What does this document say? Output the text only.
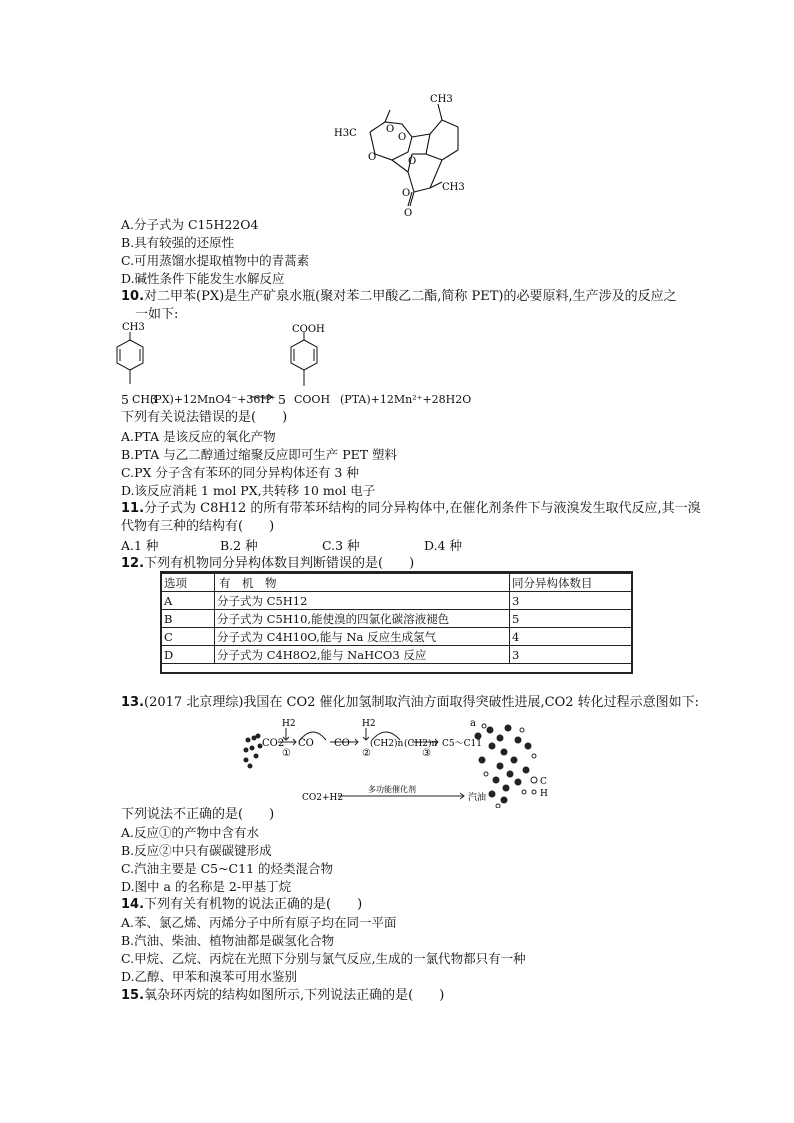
CH3
H3C	O
O
O	O
CH3
O
O
A.分子式为 C15H22O4
B.具有较强的还原性
C.可用蒸馏水提取植物中的青蒿素
D.碱性条件下能发生水解反应
10.对二甲苯(PX)是生产矿泉水瓶(聚对苯二甲酸乙二酯,简称 PET)的必要原料,生产涉及的反应之
一如下:
CH3	COOH
5 CH3
(PX)+12MnO4⁻+36H⁺ 5 COOH (PTA)+12Mn²⁺+28H2O
下列有关说法错误的是(　　)
A.PTA 是该反应的氧化产物
B.PTA 与乙二醇通过缩聚反应即可生产 PET 塑料
C.PX 分子含有苯环的同分异构体还有 3 种
D.该反应消耗 1 mol PX,共转移 10 mol 电子
11.分子式为 C8H12 的所有带苯环结构的同分异构体中,在催化剂条件下与液溴发生取代反应,其一溴
代物有三种的结构有(　　)
A.1 种	B.2 种	C.3 种	D.4 种
12.下列有机物同分异构体数目判断错误的是(　　)
选项	有　机　物	同分异构体数目
A	分子式为 C5H12	3
B	分子式为 C5H10,能使溴的四氯化碳溶液褪色	5
C	分子式为 C4H10O,能与 Na 反应生成氢气	4
D	分子式为 C4H8O2,能与 NaHCO3 反应	3
13.(2017 北京理综)我国在 CO2 催化加氢制取汽油方面取得突破性进展,CO2 转化过程示意图如下:
CO2
H2
①
CO CO
H2
②
(CH2)n (CH2)n
③
C5～C11
a
CO2+H2
多功能催化剂
汽油
C
H
下列说法不正确的是(　　)
A.反应①的产物中含有水
B.反应②中只有碳碳键形成
C.汽油主要是 C5~C11 的烃类混合物
D.图中 a 的名称是 2-甲基丁烷
14.下列有关有机物的说法正确的是(　　)
A.苯、氯乙烯、丙烯分子中所有原子均在同一平面
B.汽油、柴油、植物油都是碳氢化合物
C.甲烷、乙烷、丙烷在光照下分别与氯气反应,生成的一氯代物都只有一种
D.乙醇、甲苯和溴苯可用水鉴别
15.氧杂环丙烷的结构如图所示,下列说法正确的是(　　)
